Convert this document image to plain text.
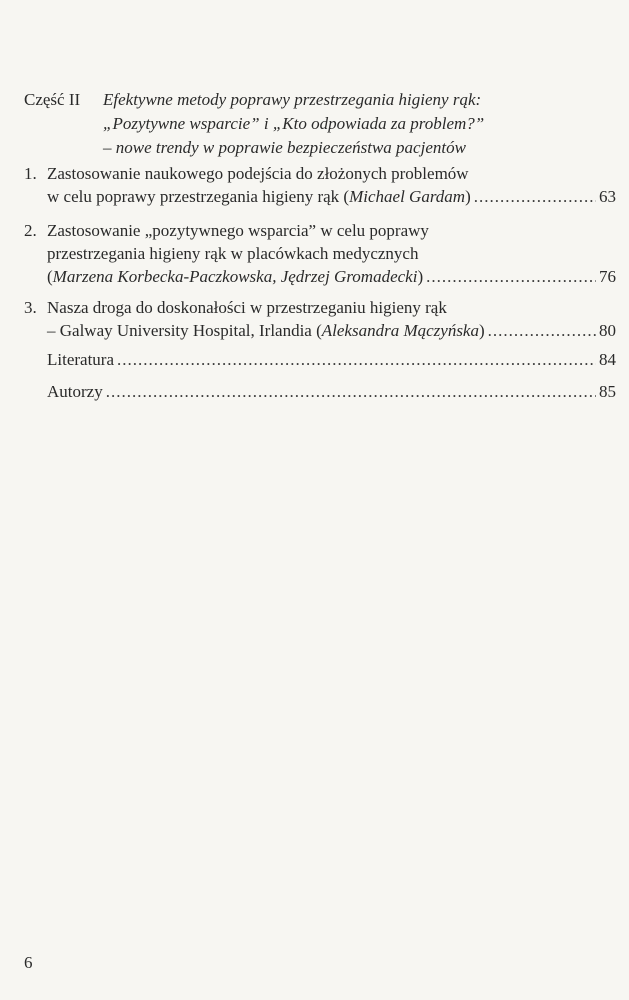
Część II Efektywne metody poprawy przestrzegania higieny rąk:
„Pozytywne wsparcie” i „Kto odpowiada za problem?”
– nowe trendy w poprawie bezpieczeństwa pacjentów
1. Zastosowanie naukowego podejścia do złożonych problemów
w celu poprawy przestrzegania higieny rąk (Michael Gardam) .....	63
2. Zastosowanie „pozytywnego wsparcia” w celu poprawy
przestrzegania higieny rąk w placówkach medycznych
(Marzena Korbecka-Paczkowska, Jędrzej Gromadecki) .....	76
3. Nasza droga do doskonałości w przestrzeganiu higieny rąk
– Galway University Hospital, Irlandia (Aleksandra Mączyńska) .....	80
Literatura .....	84
Autorzy .....	85
6
